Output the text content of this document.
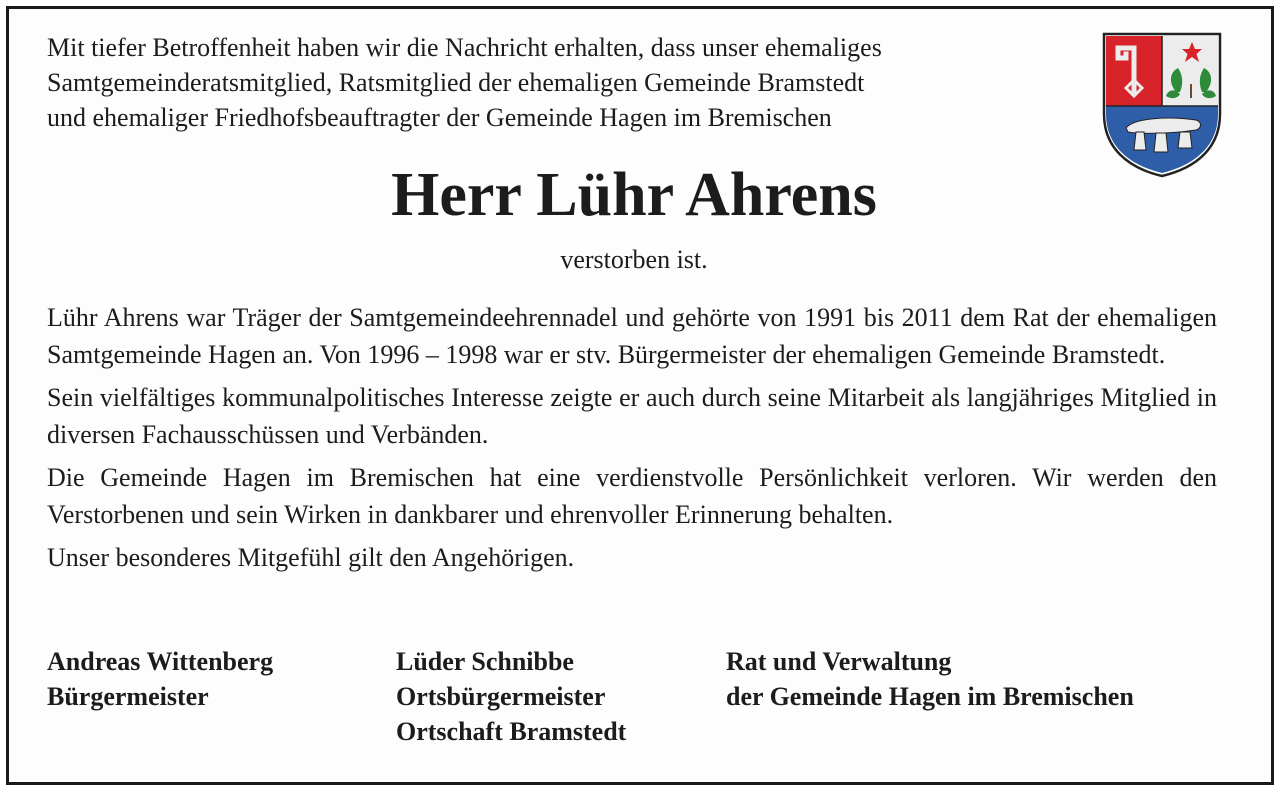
Mit tiefer Betroffenheit haben wir die Nachricht erhalten, dass unser ehemaliges
Samtgemeinderatsmitglied, Ratsmitglied der ehemaligen Gemeinde Bramstedt
und ehemaliger Friedhofsbeauftragter der Gemeinde Hagen im Bremischen
Herr Lühr Ahrens
verstorben ist.

Lühr Ahrens war Träger der Samtgemeindeehrennadel und gehörte von 1991 bis 2011 dem Rat der ehemaligen Samtgemeinde Hagen an. Von 1996 – 1998 war er stv. Bürgermeister der ehemaligen Gemeinde Bramstedt.

Sein vielfältiges kommunalpolitisches Interesse zeigte er auch durch seine Mitarbeit als langjähriges Mitglied in diversen Fachausschüssen und Verbänden.

Die Gemeinde Hagen im Bremischen hat eine verdienstvolle Persönlichkeit verloren. Wir werden den Verstorbenen und sein Wirken in dankbarer und ehrenvoller Erinnerung behalten.

Unser besonderes Mitgefühl gilt den Angehörigen.

Andreas Wittenberg
Bürgermeister
Lüder Schnibbe
Ortsbürgermeister
Ortschaft Bramstedt
Rat und Verwaltung
der Gemeinde Hagen im Bremischen
